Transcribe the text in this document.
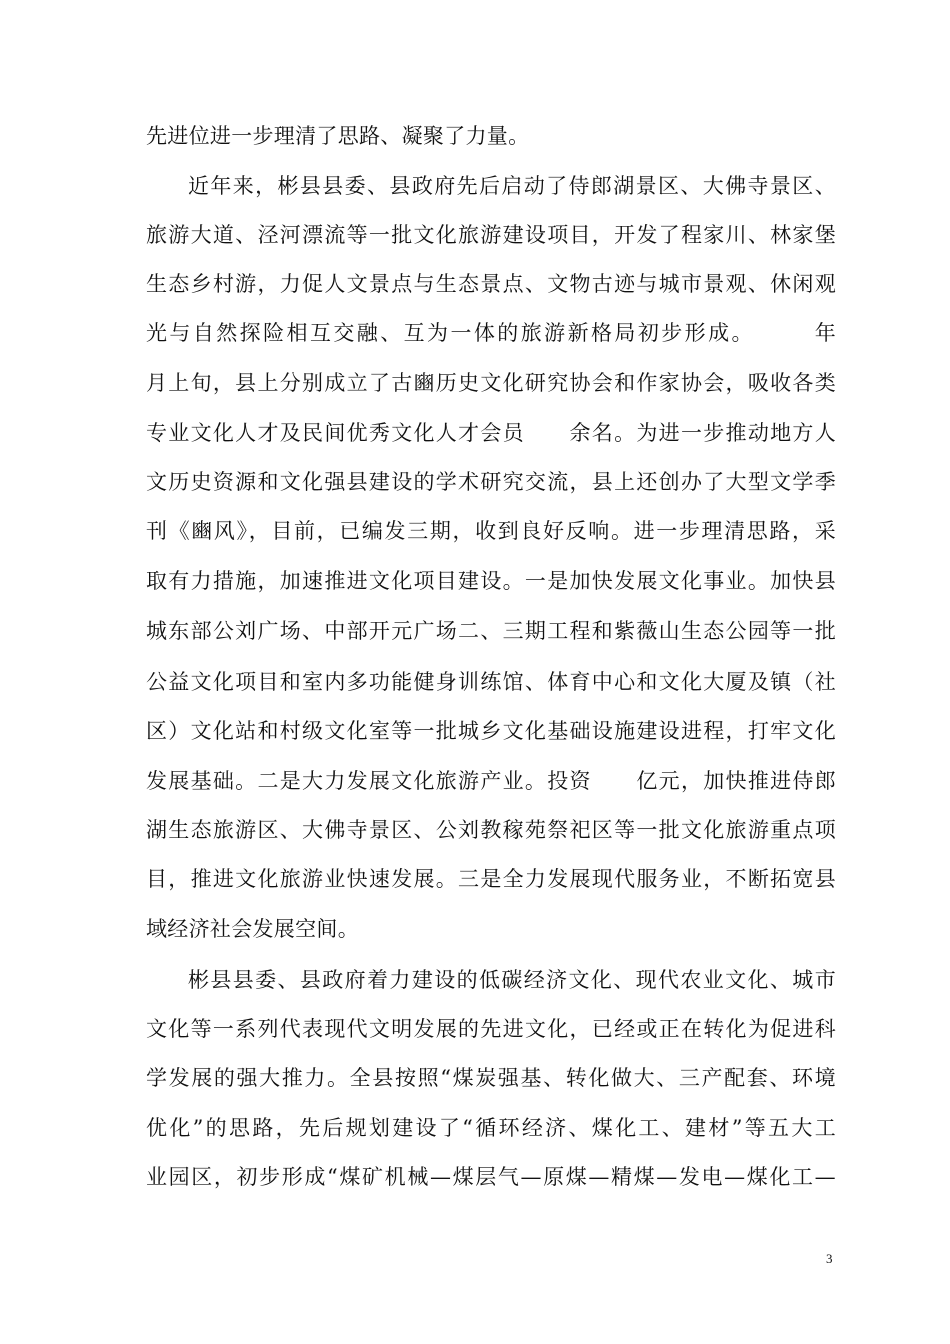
先进位进一步理清了思路、凝聚了力量。
近年来，彬县县委、县政府先后启动了侍郎湖景区、大佛寺景区、
旅游大道、泾河漂流等一批文化旅游建设项目，开发了程家川、林家堡
生态乡村游，力促人文景点与生态景点、文物古迹与城市景观、休闲观
光与自然探险相互交融、互为一体的旅游新格局初步形成。　　　年
月上旬，县上分别成立了古豳历史文化研究协会和作家协会，吸收各类
专业文化人才及民间优秀文化人才会员　　余名。为进一步推动地方人
文历史资源和文化强县建设的学术研究交流，县上还创办了大型文学季
刊《豳风》，目前，已编发三期，收到良好反响。进一步理清思路，采
取有力措施，加速推进文化项目建设。一是加快发展文化事业。加快县
城东部公刘广场、中部开元广场二、三期工程和紫薇山生态公园等一批
公益文化项目和室内多功能健身训练馆、体育中心和文化大厦及镇（社
区）文化站和村级文化室等一批城乡文化基础设施建设进程，打牢文化
发展基础。二是大力发展文化旅游产业。投资　　亿元，加快推进侍郎
湖生态旅游区、大佛寺景区、公刘教稼苑祭祀区等一批文化旅游重点项
目，推进文化旅游业快速发展。三是全力发展现代服务业，不断拓宽县
域经济社会发展空间。
彬县县委、县政府着力建设的低碳经济文化、现代农业文化、城市
文化等一系列代表现代文明发展的先进文化，已经或正在转化为促进科
学发展的强大推力。全县按照“煤炭强基、转化做大、三产配套、环境
优化”的思路，先后规划建设了“循环经济、煤化工、建材”等五大工
业园区，初步形成“煤矿机械—煤层气—原煤—精煤—发电—煤化工—
3
